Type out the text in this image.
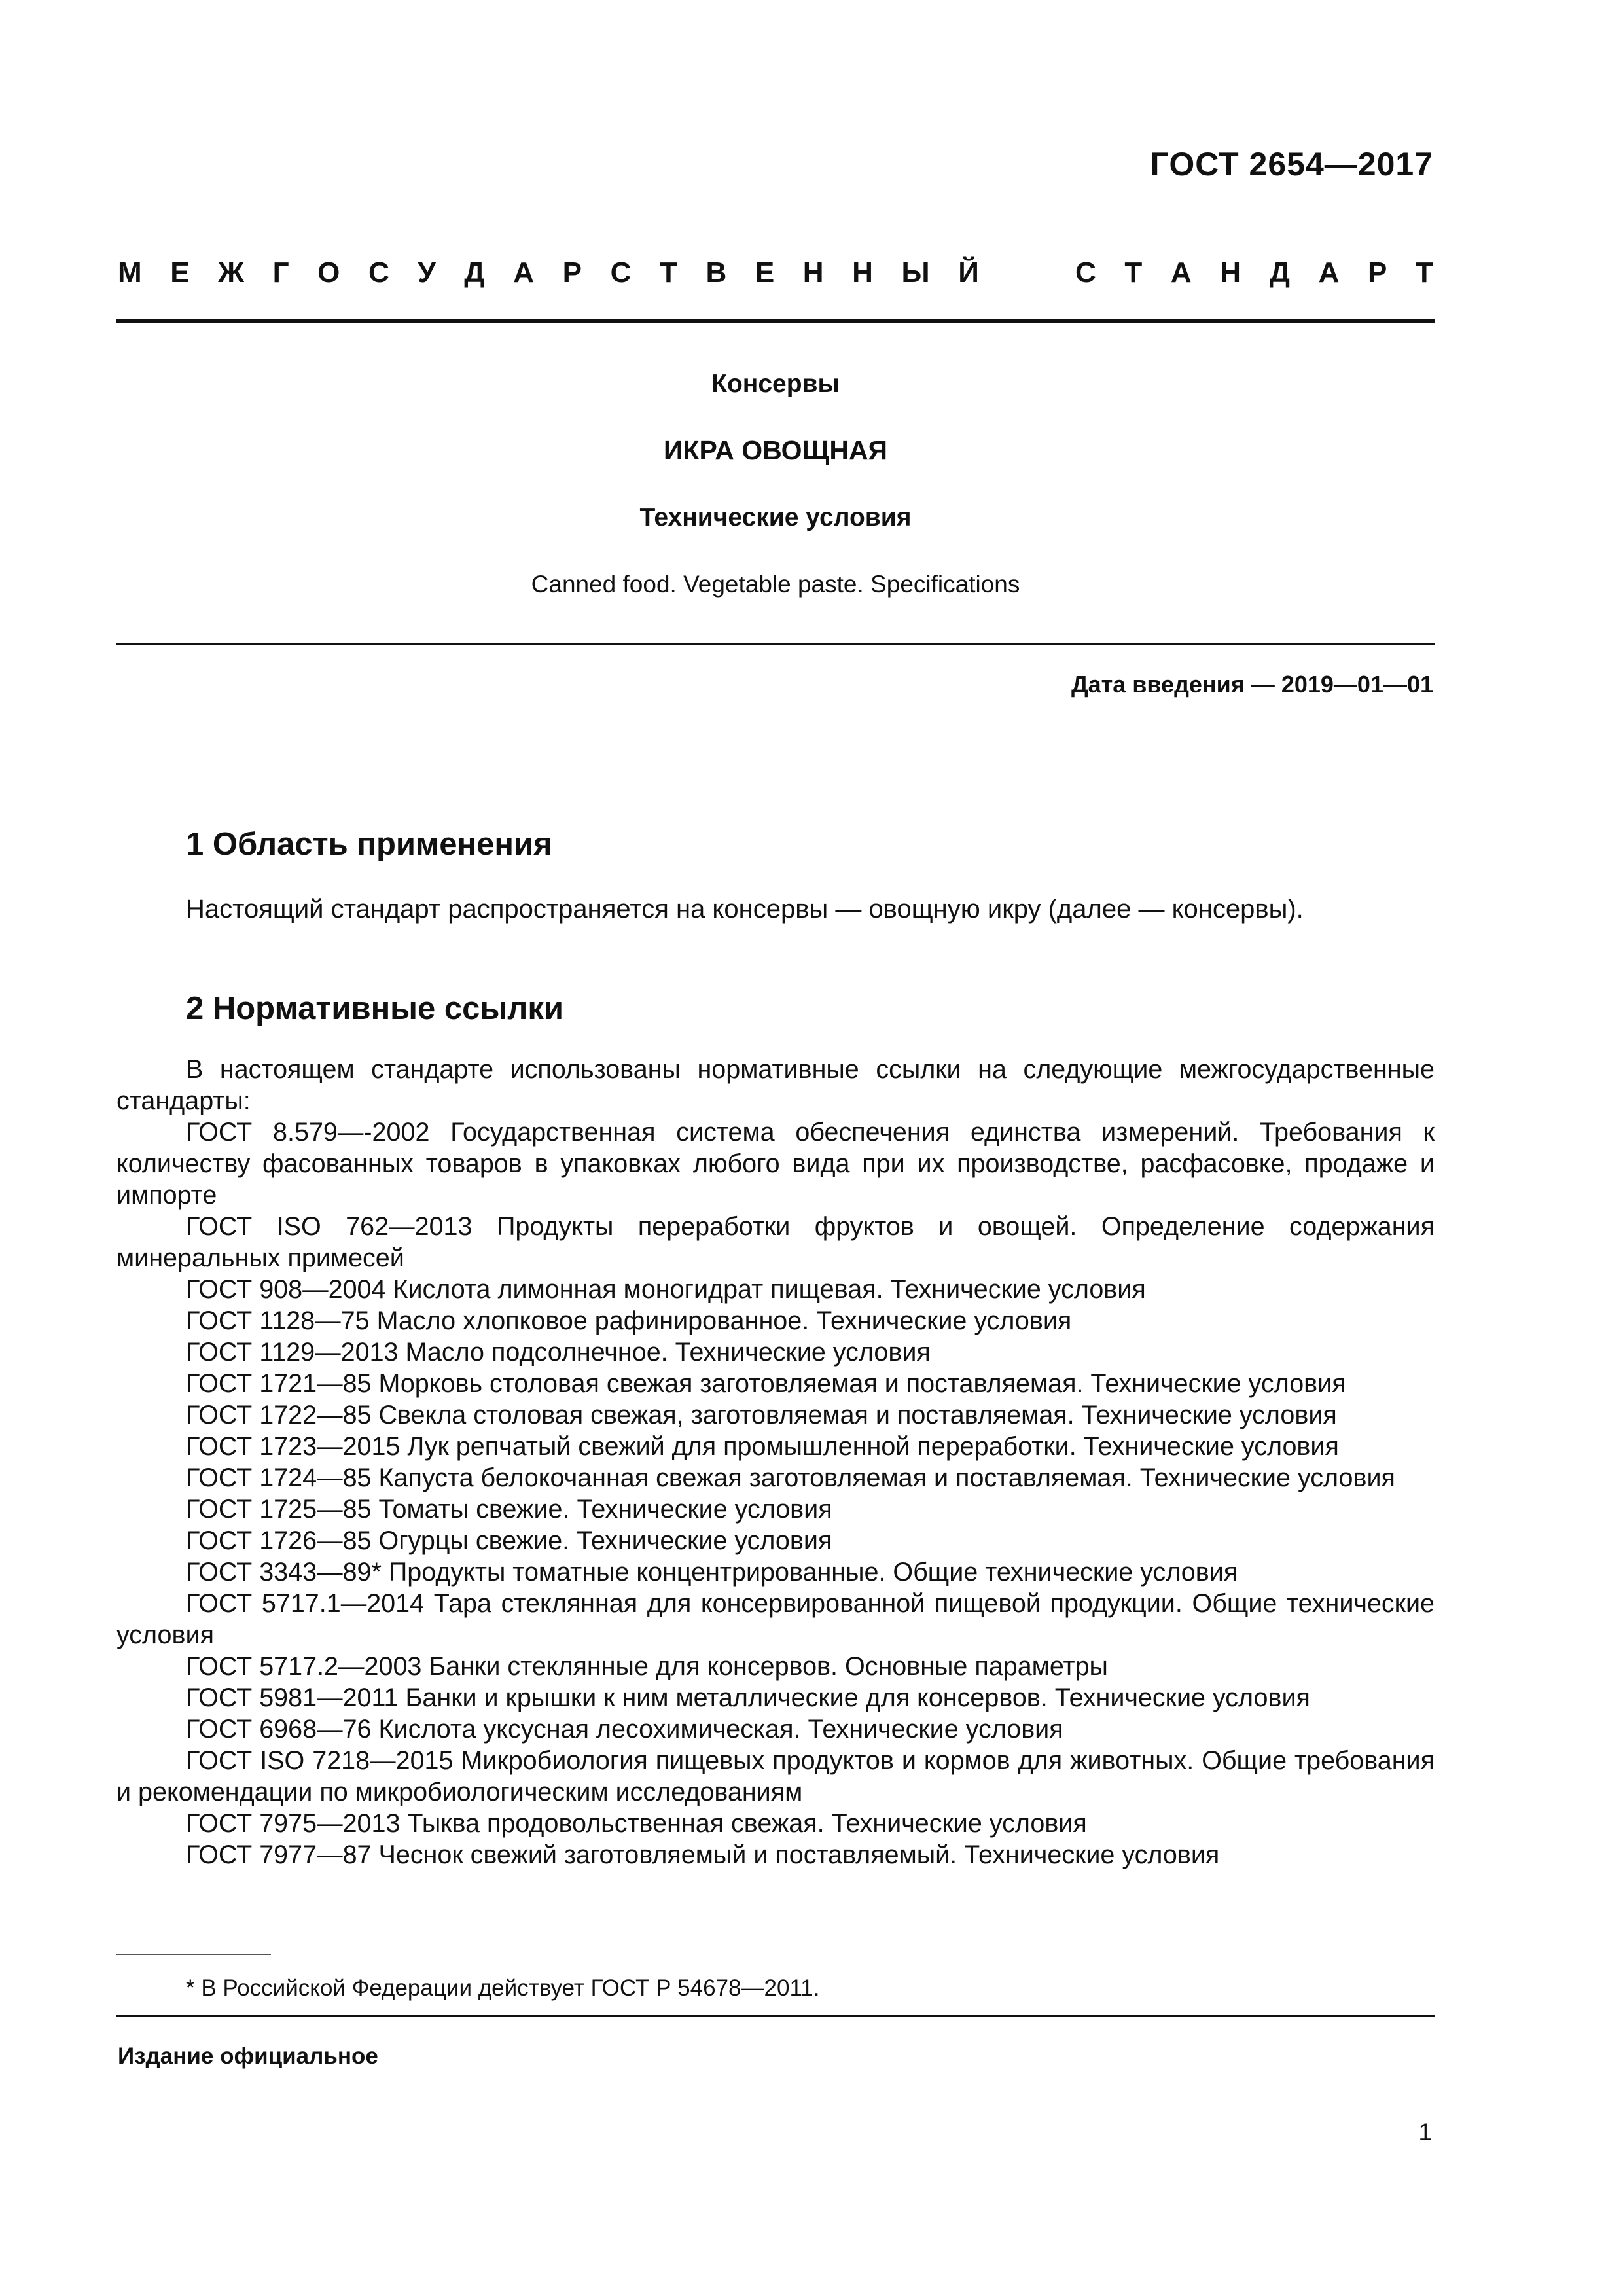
ГОСТ 2654—2017
М Е Ж Г О С У Д А Р С Т В Е Н Н Ы Й	С Т А Н Д А Р Т
Консервы
ИКРА ОВОЩНАЯ
Технические условия
Canned food. Vegetable paste. Specifications
Дата введения — 2019—01—01
1 Область применения
Настоящий стандарт распространяется на консервы — овощную икру (далее — консервы).
2 Нормативные ссылки

В настоящем стандарте использованы нормативные ссылки на следующие межгосударственные стандарты:

ГОСТ 8.579—-2002 Государственная система обеспечения единства измерений. Требования к количеству фасованных товаров в упаковках любого вида при их производстве, расфасовке, продаже и импорте

ГОСТ ISO 762—2013 Продукты переработки фруктов и овощей. Определение содержания минеральных примесей

ГОСТ 908—2004 Кислота лимонная моногидрат пищевая. Технические условия

ГОСТ 1128—75 Масло хлопковое рафинированное. Технические условия

ГОСТ 1129—2013 Масло подсолнечное. Технические условия

ГОСТ 1721—85 Морковь столовая свежая заготовляемая и поставляемая. Технические условия

ГОСТ 1722—85 Свекла столовая свежая, заготовляемая и поставляемая. Технические условия

ГОСТ 1723—2015 Лук репчатый свежий для промышленной переработки. Технические условия

ГОСТ 1724—85 Капуста белокочанная свежая заготовляемая и поставляемая. Технические условия

ГОСТ 1725—85 Томаты свежие. Технические условия

ГОСТ 1726—85 Огурцы свежие. Технические условия

ГОСТ 3343—89* Продукты томатные концентрированные. Общие технические условия

ГОСТ 5717.1—2014 Тара стеклянная для консервированной пищевой продукции. Общие технические условия

ГОСТ 5717.2—2003 Банки стеклянные для консервов. Основные параметры

ГОСТ 5981—2011 Банки и крышки к ним металлические для консервов. Технические условия

ГОСТ 6968—76 Кислота уксусная лесохимическая. Технические условия

ГОСТ ISO 7218—2015 Микробиология пищевых продуктов и кормов для животных. Общие требования и рекомендации по микробиологическим исследованиям

ГОСТ 7975—2013 Тыква продовольственная свежая. Технические условия

ГОСТ 7977—87 Чеснок свежий заготовляемый и поставляемый. Технические условия

* В Российской Федерации действует ГОСТ Р 54678—2011.
Издание официальное
1
